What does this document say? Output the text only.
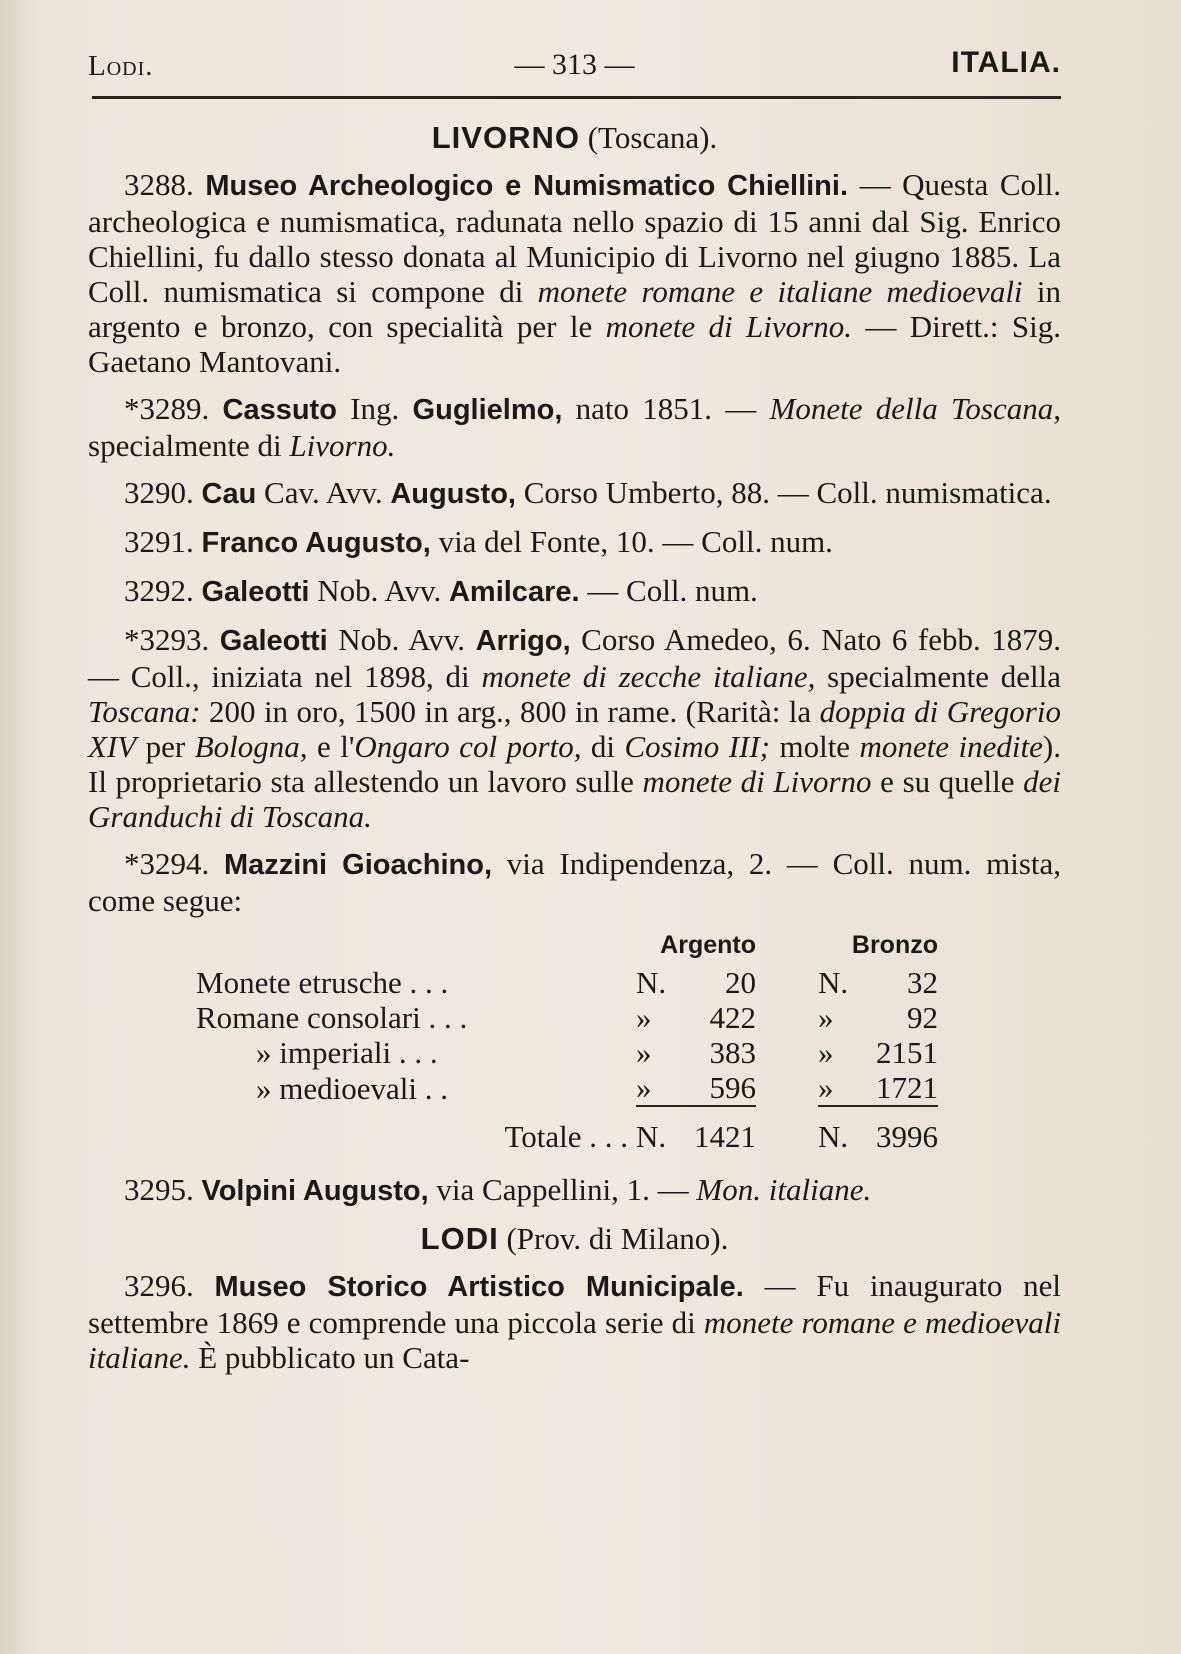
Lodi.	— 313 —	ITALIA.
LIVORNO (Toscana).

3288. Museo Archeologico e Numismatico Chiellini. — Questa Coll. archeologica e numismatica, radunata nello spazio di 15 anni dal Sig. Enrico Chiellini, fu dallo stesso donata al Municipio di Livorno nel giugno 1885. La Coll. numismatica si compone di monete romane e italiane medioevali in argento e bronzo, con specialità per le monete di Livorno. — Dirett.: Sig. Gaetano Mantovani.

*3289. Cassuto Ing. Guglielmo, nato 1851. — Monete della Toscana, specialmente di Livorno.

3290. Cau Cav. Avv. Augusto, Corso Umberto, 88. — Coll. numismatica.

3291. Franco Augusto, via del Fonte, 10. — Coll. num.

3292. Galeotti Nob. Avv. Amilcare. — Coll. num.

*3293. Galeotti Nob. Avv. Arrigo, Corso Amedeo, 6. Nato 6 febb. 1879. — Coll., iniziata nel 1898, di monete di zecche italiane, specialmente della Toscana: 200 in oro, 1500 in arg., 800 in rame. (Rarità: la doppia di Gregorio XIV per Bologna, e l'Ongaro col porto, di Cosimo III; molte monete inedite). Il proprietario sta allestendo un lavoro sulle monete di Livorno e su quelle dei Granduchi di Toscana.

*3294. Mazzini Gioachino, via Indipendenza, 2. — Coll. num. mista, come segue:

	Argento			Bronzo	
Monete etrusche . . .	N.	20		N.	32
Romane consolari . . .	»	422		»	92
» imperiali . . .	»	383		»	2151
» medioevali . .	»	596		»	1721
Totale . . .	N.	1421		N.	3996

3295. Volpini Augusto, via Cappellini, 1. — Mon. italiane.

LODI (Prov. di Milano).

3296. Museo Storico Artistico Municipale. — Fu inaugurato nel settembre 1869 e comprende una piccola serie di monete romane e medioevali italiane. È pubblicato un Cata-
